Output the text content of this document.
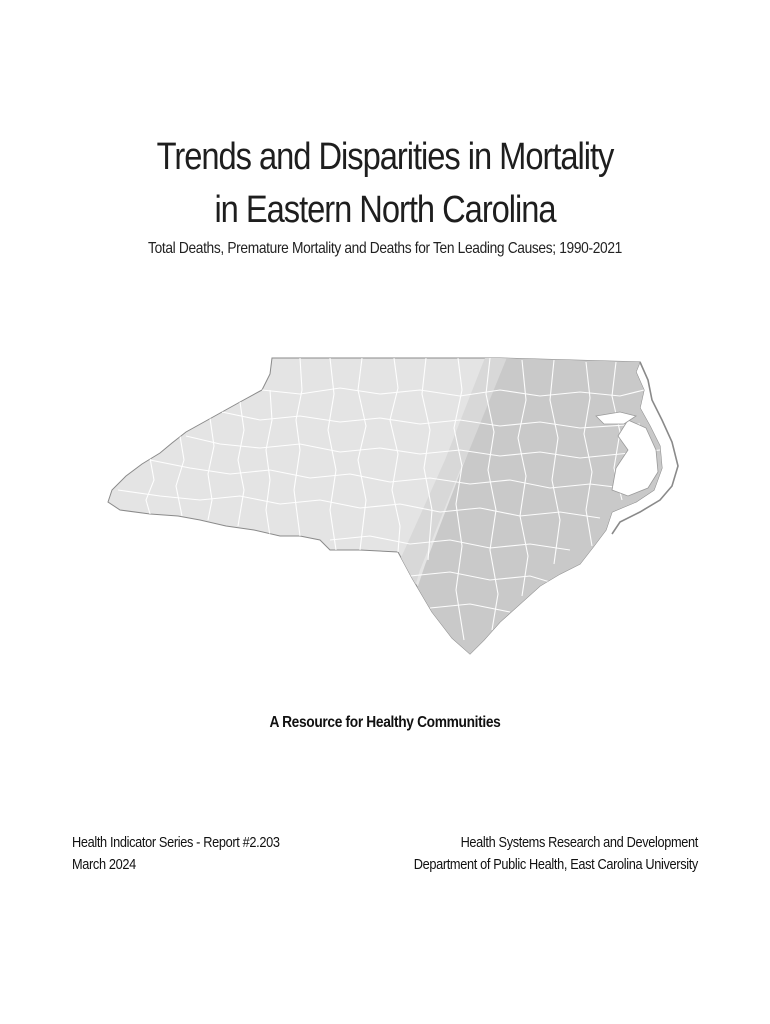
Trends and Disparities in Mortality
in Eastern North Carolina
Total Deaths, Premature Mortality and Deaths for Ten Leading Causes; 1990-2021
A Resource for Healthy Communities
Health Indicator Series - Report #2.203
March 2024
Health Systems Research and Development
Department of Public Health, East Carolina University
